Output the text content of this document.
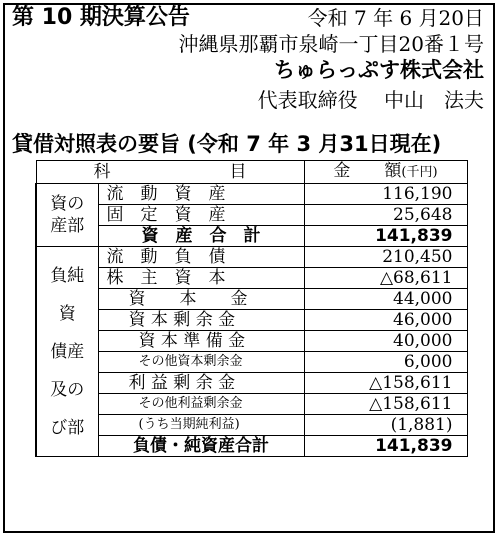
第 10 期決算公告	令和 7 年 6 月20日
沖縄県那覇市泉崎一丁目20番１号
ちゅらっぷす株式会社
代表取締役　 中山　法夫
貸借対照表の要旨 (令和 7 年 3 月31日現在)
科　　　　　　　目		金　　額(千円)

資の
産部	流　動　資　産	116,190
	固　定　資　産	25,648
	資　産　合　計	141,839

負純
資
債産
及の
び部	流　動　負　債	210,450
	株　主　資　本	△68,611
	資　　本　　金	44,000
	資 本 剰 余 金	46,000
	資 本 準 備 金	40,000
	その他資本剰余金	6,000
	利 益 剰 余 金	△158,611
	その他利益剰余金	△158,611
	(うち当期純利益)	(1,881)
	負債・純資産合計	141,839
